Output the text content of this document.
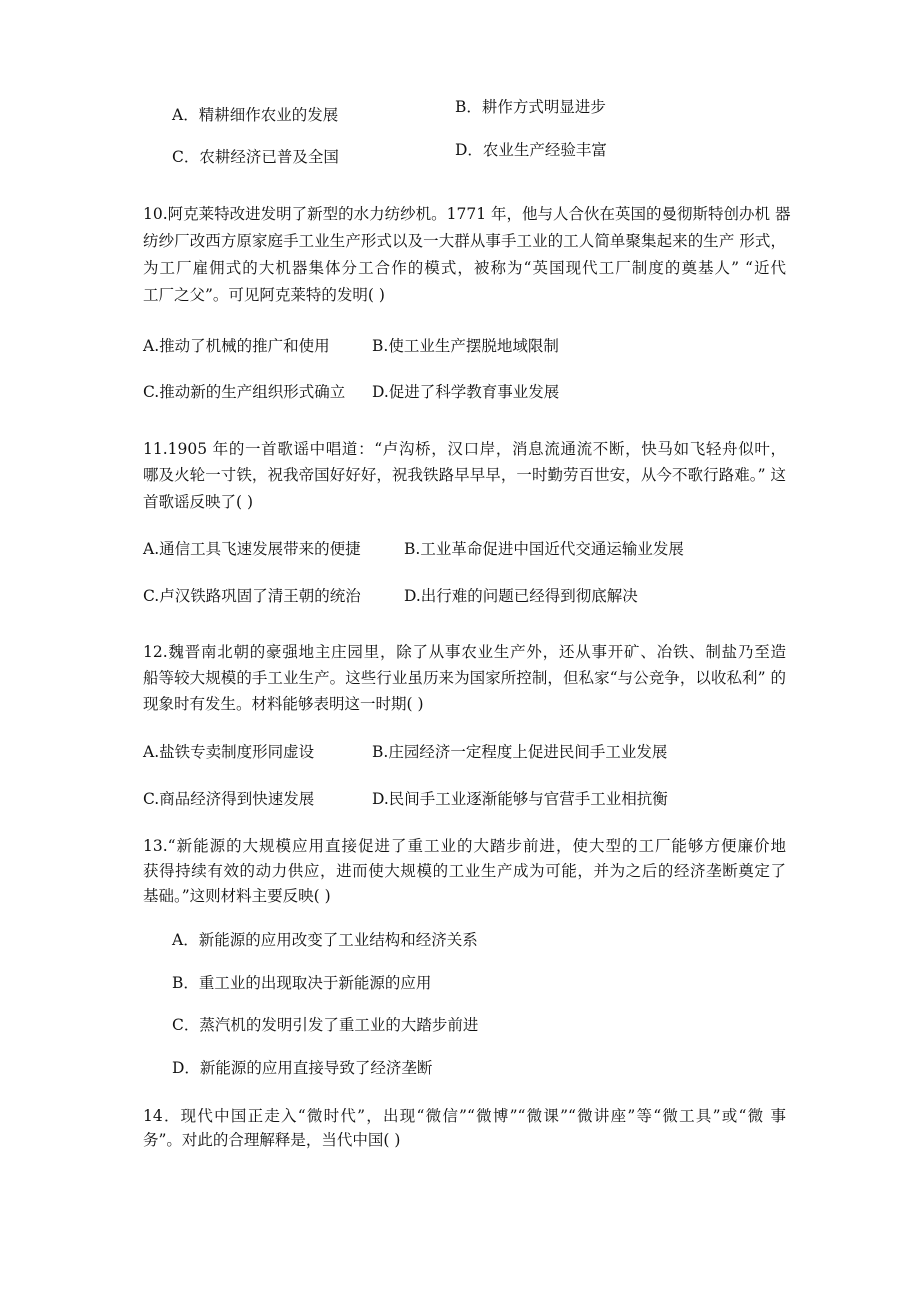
A．精耕细作农业的发展	B．耕作方式明显进步
C．农耕经济已普及全国	D．农业生产经验丰富
10.阿克莱特改进发明了新型的水力纺纱机。1771 年，他与人合伙在英国的曼彻斯特创办机 器
纺纱厂改西方原家庭手工业生产形式以及一大群从事手工业的工人简单聚集起来的生产 形式，
为工厂雇佣式的大机器集体分工合作的模式，被称为“英国现代工厂制度的奠基人” “近代
工厂之父”。可见阿克莱特的发明( )
A.推动了机械的推广和使用	B.使工业生产摆脱地域限制
C.推动新的生产组织形式确立 D.促进了科学教育事业发展
11.1905 年的一首歌谣中唱道：“卢沟桥，汉口岸，消息流通流不断，快马如飞轻舟似叶，
哪及火轮一寸铁，祝我帝国好好好，祝我铁路早早早，一时勤劳百世安，从今不歌行路难。” 这
首歌谣反映了( )
A.通信工具飞速发展带来的便捷	B.工业革命促进中国近代交通运输业发展
C.卢汉铁路巩固了清王朝的统治	D.出行难的问题已经得到彻底解决
12.魏晋南北朝的豪强地主庄园里，除了从事农业生产外，还从事开矿、冶铁、制盐乃至造
船等较大规模的手工业生产。这些行业虽历来为国家所控制，但私家“与公竞争，以收私利” 的
现象时有发生。材料能够表明这一时期( )
A.盐铁专卖制度形同虚设	B.庄园经济一定程度上促进民间手工业发展
C.商品经济得到快速发展	D.民间手工业逐渐能够与官营手工业相抗衡
13.“新能源的大规模应用直接促进了重工业的大踏步前进，使大型的工厂能够方便廉价地
获得持续有效的动力供应，进而使大规模的工业生产成为可能，并为之后的经济垄断奠定了
基础。”这则材料主要反映( )
A．新能源的应用改变了工业结构和经济关系
B．重工业的出现取决于新能源的应用
C．蒸汽机的发明引发了重工业的大踏步前进
D．新能源的应用直接导致了经济垄断
14．现代中国正走入“微时代”，出现“微信”“微博”“微课”“微讲座”等“微工具”或“微 事
务”。对此的合理解释是，当代中国( )
